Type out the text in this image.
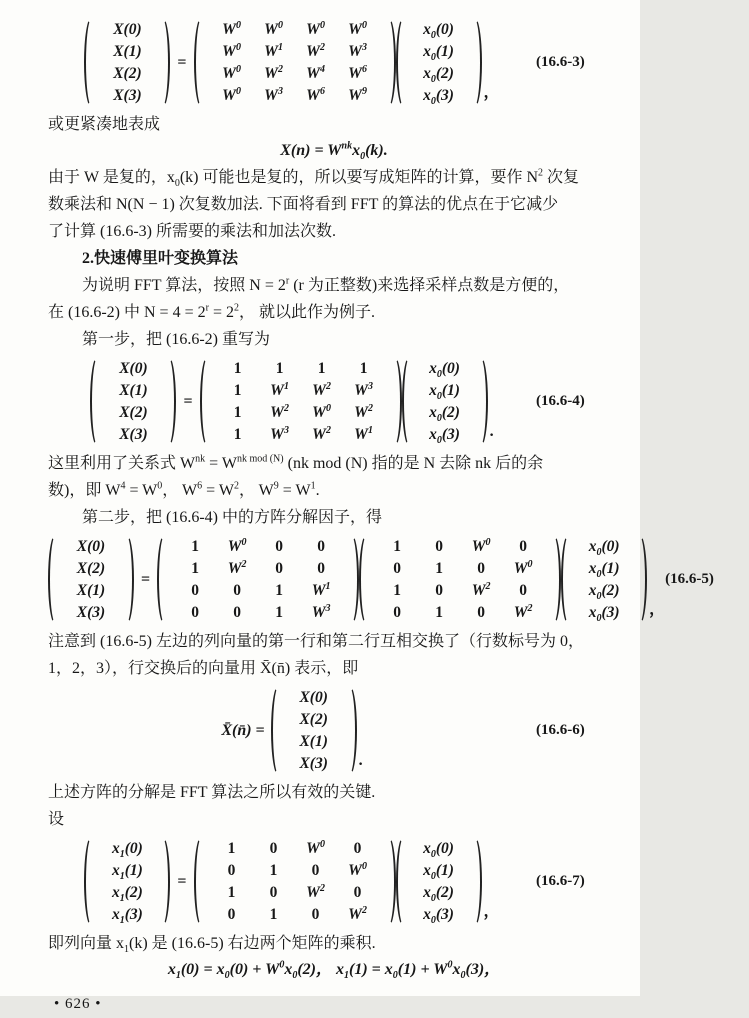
X(0)
X(1)
X(2)
X(3)
=
$W^0$	$W^0$	$W^0$	$W^0$
$W^0$	$W^1$	$W^2$	$W^3$
$W^0$	$W^2$	$W^4$	$W^6$
$W^0$	$W^3$	$W^6$	$W^9$
$x_0(0)$
$x_0(1)$
$x_0(2)$
$x_0(3)$	，
(16.6-3)
或更紧凑地表成
$X(n) = W^{nk}x_0(k)$.
由于 W 是复的，$x_0(k)$ 可能也是复的，所以要写成矩阵的计算，要作 $N^2$ 次复
数乘法和 N(N − 1) 次复数加法. 下面将看到 FFT 的算法的优点在于它减少
了计算 (16.6-3) 所需要的乘法和加法次数.
2.快速傅里叶变换算法
为说明 FFT 算法，按照 $N = 2^r$ (r 为正整数)来选择采样点数是方便的，
在 (16.6-2) 中 $N = 4 = 2^r = 2^2$， 就以此作为例子.
第一步，把 (16.6-2) 重写为
X(0)
X(1)
X(2)
X(3)
=
1	1	1	1
1	$W^1$	$W^2$	$W^3$
1	$W^2$	$W^0$	$W^2$
1	$W^3$	$W^2$	$W^1$
$x_0(0)$
$x_0(1)$
$x_0(2)$
$x_0(3)$	.
(16.6-4)
这里利用了关系式 $W^{nk} = W^{nk mod (N)}$ (nk mod (N) 指的是 N 去除 nk 后的余
数)，即 $W^4 = W^0$， $W^6 = W^2$， $W^9 = W^1$.
第二步，把 (16.6-4) 中的方阵分解因子，得
X(0)
X(2)
X(1)
X(3)
=
1	$W^0$	0	0
1	$W^2$	0	0
0	0	1	$W^1$
0	0	1	$W^3$
1	0	$W^0$	0
0	1	0	$W^0$
1	0	$W^2$	0
0	1	0	$W^2$
$x_0(0)$
$x_0(1)$
$x_0(2)$
$x_0(3)$	，
(16.6-5)
注意到 (16.6-5) 左边的列向量的第一行和第二行互相交换了（行数标号为 0，
1，2，3），行交换后的向量用 X̄(n̄) 表示，即
X̄(n̄) =
X(0)
X(2)
X(1)
X(3)	.
(16.6-6)
上述方阵的分解是 FFT 算法之所以有效的关键.
设
$x_1(0)$
$x_1(1)$
$x_1(2)$
$x_1(3)$
=
1	0	$W^0$	0
0	1	0	$W^0$
1	0	$W^2$	0
0	1	0	$W^2$
$x_0(0)$
$x_0(1)$
$x_0(2)$
$x_0(3)$	，
(16.6-7)
即列向量 $x_1(k)$ 是 (16.6-5) 右边两个矩阵的乘积.
$x_1(0) = x_0(0) + W^0x_0(2)$， $x_1(1) = x_0(1) + W^0x_0(3)$，
• 626 •
